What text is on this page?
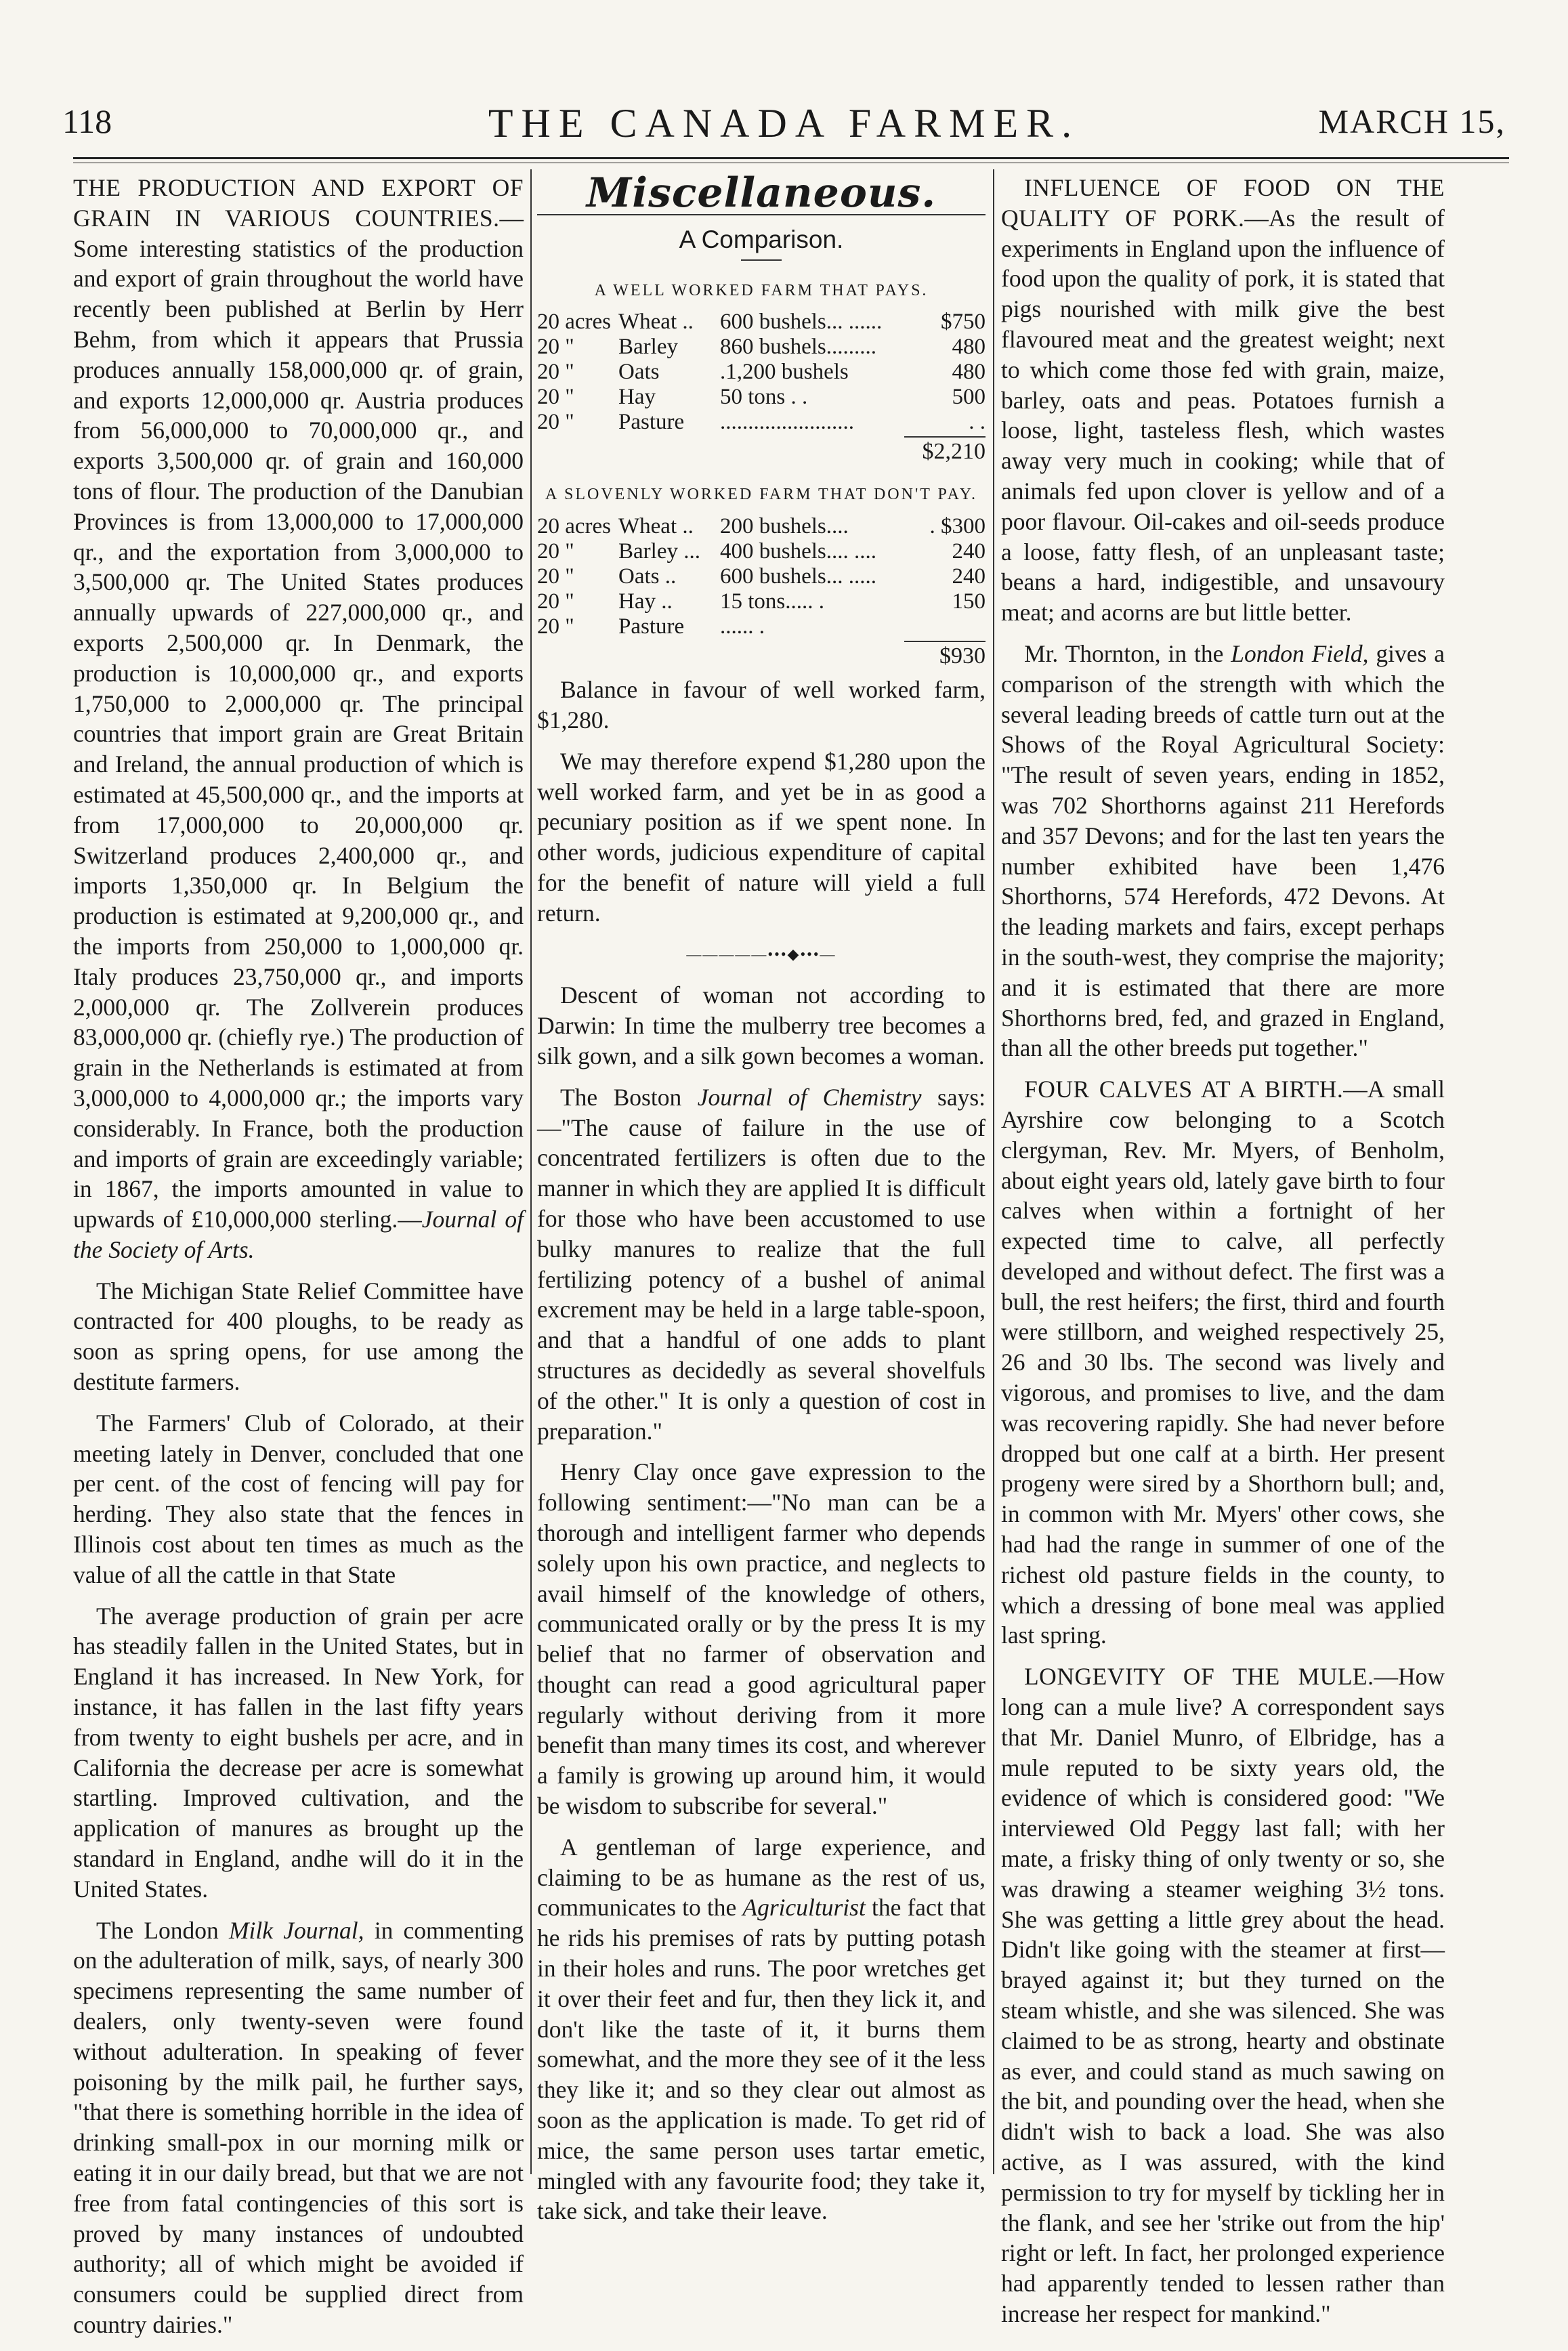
118	THE CANADA FARMER.	MARCH 15,

THE PRODUCTION AND EXPORT OF GRAIN IN VARIOUS COUNTRIES.—Some interesting statistics of the production and export of grain throughout the world have recently been published at Berlin by Herr Behm, from which it appears that Prussia produces annually 158,000,000 qr. of grain, and exports 12,000,000 qr. Austria produces from 56,000,000 to 70,000,000 qr., and exports 3,500,000 qr. of grain and 160,000 tons of flour. The production of the Danubian Provinces is from 13,000,000 to 17,000,000 qr., and the exportation from 3,000,000 to 3,500,000 qr. The United States produces annually upwards of 227,000,000 qr., and exports 2,500,000 qr. In Denmark, the production is 10,000,000 qr., and exports 1,750,000 to 2,000,000 qr. The principal countries that import grain are Great Britain and Ireland, the annual production of which is estimated at 45,500,000 qr., and the imports at from 17,000,000 to 20,000,000 qr. Switzerland produces 2,400,000 qr., and imports 1,350,000 qr. In Belgium the production is estimated at 9,200,000 qr., and the imports from 250,000 to 1,000,000 qr. Italy produces 23,750,000 qr., and imports 2,000,000 qr. The Zollverein produces 83,000,000 qr. (chiefly rye.) The production of grain in the Netherlands is estimated at from 3,000,000 to 4,000,000 qr.; the imports vary considerably. In France, both the production and imports of grain are exceedingly variable; in 1867, the imports amounted in value to upwards of £10,000,000 sterling.—Journal of the Society of Arts.

The Michigan State Relief Committee have contracted for 400 ploughs, to be ready as soon as spring opens, for use among the destitute farmers.

The Farmers' Club of Colorado, at their meeting lately in Denver, concluded that one per cent. of the cost of fencing will pay for herding. They also state that the fences in Illinois cost about ten times as much as the value of all the cattle in that State

The average production of grain per acre has steadily fallen in the United States, but in England it has increased. In New York, for instance, it has fallen in the last fifty years from twenty to eight bushels per acre, and in California the decrease per acre is somewhat startling. Improved cultivation, and the application of manures as brought up the standard in England, andhe will do it in the United States.

The London Milk Journal, in commenting on the adulteration of milk, says, of nearly 300 specimens representing the same number of dealers, only twenty-seven were found without adulteration. In speaking of fever poisoning by the milk pail, he further says, "that there is something horrible in the idea of drinking small-pox in our morning milk or eating it in our daily bread, but that we are not free from fatal contingencies of this sort is proved by many instances of undoubted authority; all of which might be avoided if consumers could be supplied direct from country dairies."

Miscellaneous.
A Comparison.
A WELL WORKED FARM THAT PAYS.
20 acres	Wheat ..	600 bushels... ......	$750
20 "	Barley	860 bushels.........	480
20 "	Oats	.1,200 bushels	480
20 "	Hay	50 tons . .	500
20 "	Pasture	........................	. .
$2,210
A SLOVENLY WORKED FARM THAT DON'T PAY.
20 acres	Wheat ..	200 bushels....	. $300
20 "	Barley ...	400 bushels.... ....	240
20 "	Oats ..	600 bushels... .....	240
20 "	Hay ..	15 tons..... .	150
20 "	Pasture	...... .	
$930

Balance in favour of well worked farm, $1,280.

We may therefore expend $1,280 upon the well worked farm, and yet be in as good a pecuniary position as if we spent none. In other words, judicious expenditure of capital for the benefit of nature will yield a full return.

—————•••◆•••—

Descent of woman not according to Darwin: In time the mulberry tree becomes a silk gown, and a silk gown becomes a woman.

The Boston Journal of Chemistry says:—"The cause of failure in the use of concentrated fertilizers is often due to the manner in which they are applied It is difficult for those who have been accustomed to use bulky manures to realize that the full fertilizing potency of a bushel of animal excrement may be held in a large table-spoon, and that a handful of one adds to plant structures as decidedly as several shovelfuls of the other." It is only a question of cost in preparation."

Henry Clay once gave expression to the following sentiment:—"No man can be a thorough and intelligent farmer who depends solely upon his own practice, and neglects to avail himself of the knowledge of others, communicated orally or by the press It is my belief that no farmer of observation and thought can read a good agricultural paper regularly without deriving from it more benefit than many times its cost, and wherever a family is growing up around him, it would be wisdom to subscribe for several."

A gentleman of large experience, and claiming to be as humane as the rest of us, communicates to the Agriculturist the fact that he rids his premises of rats by putting potash in their holes and runs. The poor wretches get it over their feet and fur, then they lick it, and don't like the taste of it, it burns them somewhat, and the more they see of it the less they like it; and so they clear out almost as soon as the application is made. To get rid of mice, the same person uses tartar emetic, mingled with any favourite food; they take it, take sick, and take their leave.

INFLUENCE OF FOOD ON THE QUALITY OF PORK.—As the result of experiments in England upon the influence of food upon the quality of pork, it is stated that pigs nourished with milk give the best flavoured meat and the greatest weight; next to which come those fed with grain, maize, barley, oats and peas. Potatoes furnish a loose, light, tasteless flesh, which wastes away very much in cooking; while that of animals fed upon clover is yellow and of a poor flavour. Oil-cakes and oil-seeds produce a loose, fatty flesh, of an unpleasant taste; beans a hard, indigestible, and unsavoury meat; and acorns are but little better.

Mr. Thornton, in the London Field, gives a comparison of the strength with which the several leading breeds of cattle turn out at the Shows of the Royal Agricultural Society: "The result of seven years, ending in 1852, was 702 Shorthorns against 211 Herefords and 357 Devons; and for the last ten years the number exhibited have been 1,476 Shorthorns, 574 Herefords, 472 Devons. At the leading markets and fairs, except perhaps in the south-west, they comprise the majority; and it is estimated that there are more Shorthorns bred, fed, and grazed in England, than all the other breeds put together."

FOUR CALVES AT A BIRTH.—A small Ayrshire cow belonging to a Scotch clergyman, Rev. Mr. Myers, of Benholm, about eight years old, lately gave birth to four calves when within a fortnight of her expected time to calve, all perfectly developed and without defect. The first was a bull, the rest heifers; the first, third and fourth were stillborn, and weighed respectively 25, 26 and 30 lbs. The second was lively and vigorous, and promises to live, and the dam was recovering rapidly. She had never before dropped but one calf at a birth. Her present progeny were sired by a Shorthorn bull; and, in common with Mr. Myers' other cows, she had had the range in summer of one of the richest old pasture fields in the county, to which a dressing of bone meal was applied last spring.

LONGEVITY OF THE MULE.—How long can a mule live? A correspondent says that Mr. Daniel Munro, of Elbridge, has a mule reputed to be sixty years old, the evidence of which is considered good: "We interviewed Old Peggy last fall; with her mate, a frisky thing of only twenty or so, she was drawing a steamer weighing 3½ tons. She was getting a little grey about the head. Didn't like going with the steamer at first—brayed against it; but they turned on the steam whistle, and she was silenced. She was claimed to be as strong, hearty and obstinate as ever, and could stand as much sawing on the bit, and pounding over the head, when she didn't wish to back a load. She was also active, as I was assured, with the kind permission to try for myself by tickling her in the flank, and see her 'strike out from the hip' right or left. In fact, her prolonged experience had apparently tended to lessen rather than increase her respect for mankind."
